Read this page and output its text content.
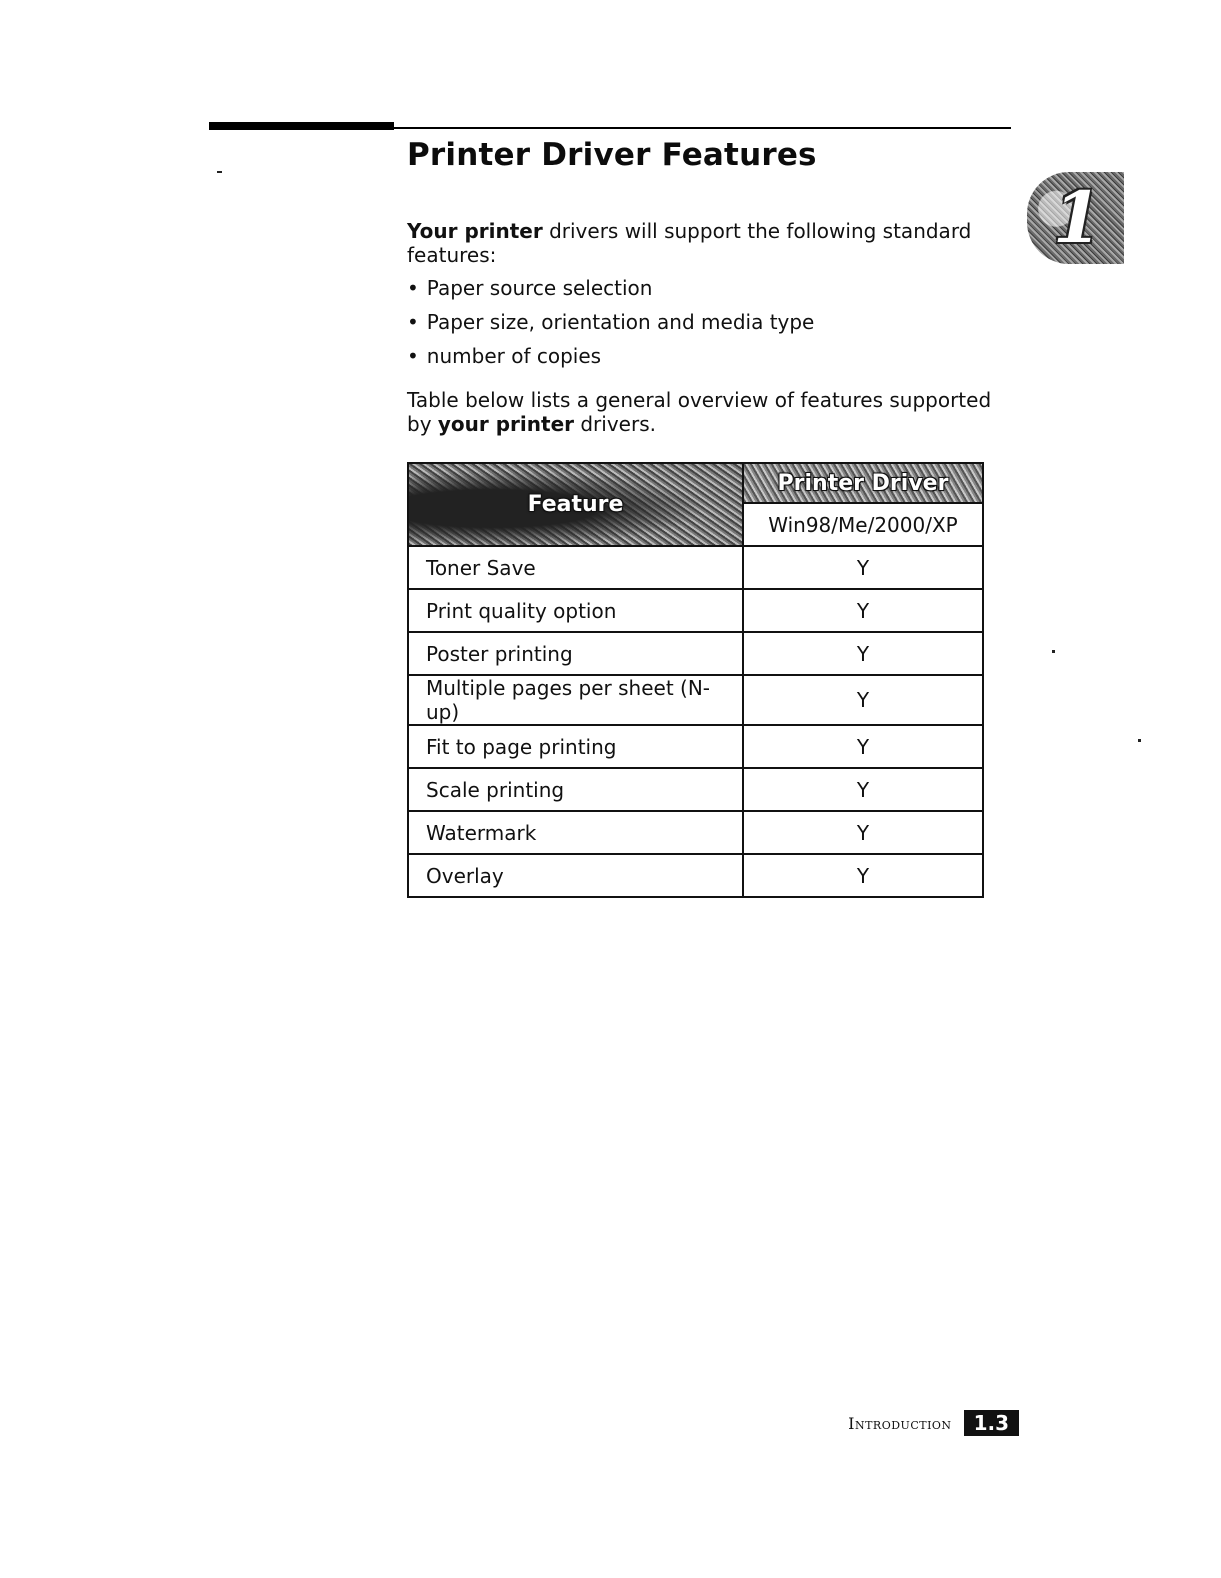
Printer Driver Features
1

Your printer drivers will support the following standard features:

• Paper source selection
• Paper size, orientation and media type
• number of copies

Table below lists a general overview of features supported by your printer drivers.

Feature	Printer Driver
	Win98/Me/2000/XP
Toner Save	Y
Print quality option	Y
Poster printing	Y
Multiple pages per sheet (N-up)	Y
Fit to page printing	Y
Scale printing	Y
Watermark	Y
Overlay	Y
Introduction	1.3
